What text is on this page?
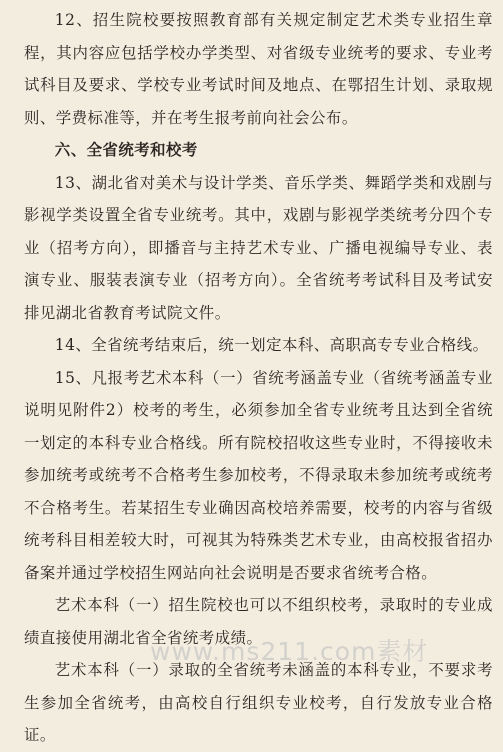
12、招生院校要按照教育部有关规定制定艺术类专业招生章程，其内容应包括学校办学类型、对省级专业统考的要求、专业考试科目及要求、学校专业考试时间及地点、在鄂招生计划、录取规则、学费标准等，并在考生报考前向社会公布。

六、全省统考和校考

13、湖北省对美术与设计学类、音乐学类、舞蹈学类和戏剧与影视学类设置全省专业统考。其中，戏剧与影视学类统考分四个专业（招考方向），即播音与主持艺术专业、广播电视编导专业、表演专业、服装表演专业（招考方向）。全省统考考试科目及考试安排见湖北省教育考试院文件。

14、全省统考结束后，统一划定本科、高职高专专业合格线。

15、凡报考艺术本科（一）省统考涵盖专业（省统考涵盖专业说明见附件2）校考的考生，必须参加全省专业统考且达到全省统一划定的本科专业合格线。所有院校招收这些专业时，不得接收未参加统考或统考不合格考生参加校考，不得录取未参加统考或统考不合格考生。若某招生专业确因高校培养需要，校考的内容与省级统考科目相差较大时，可视其为特殊类艺术专业，由高校报省招办备案并通过学校招生网站向社会说明是否要求省统考合格。

艺术本科（一）招生院校也可以不组织校考，录取时的专业成绩直接使用湖北省全省统考成绩。

艺术本科（一）录取的全省统考未涵盖的本科专业，不要求考生参加全省统考，由高校自行组织专业校考，自行发放专业合格证。

www.ms211.com素材
